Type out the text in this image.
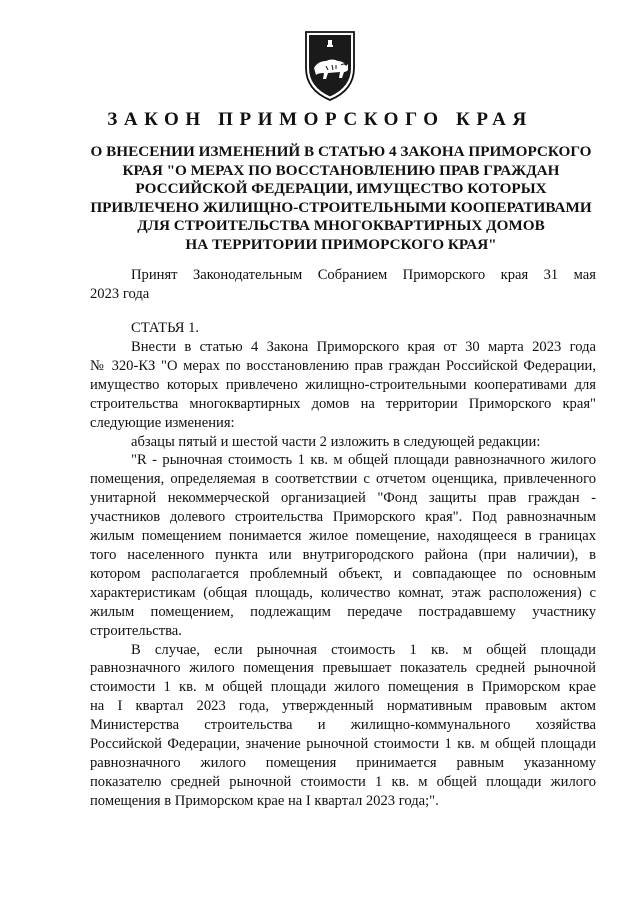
ЗАКОН ПРИМОРСКОГО КРАЯ
О ВНЕСЕНИИ ИЗМЕНЕНИЙ В СТАТЬЮ 4 ЗАКОНА ПРИМОРСКОГО
КРАЯ "О МЕРАХ ПО ВОССТАНОВЛЕНИЮ ПРАВ ГРАЖДАН
РОССИЙСКОЙ ФЕДЕРАЦИИ, ИМУЩЕСТВО КОТОРЫХ
ПРИВЛЕЧЕНО ЖИЛИЩНО-СТРОИТЕЛЬНЫМИ КООПЕРАТИВАМИ
ДЛЯ СТРОИТЕЛЬСТВА МНОГОКВАРТИРНЫХ ДОМОВ
НА ТЕРРИТОРИИ ПРИМОРСКОГО КРАЯ"
Принят Законодательным Собранием Приморского края 31 мая
2023 года
СТАТЬЯ 1.
Внести в статью 4 Закона Приморского края от 30 марта 2023 года
№ 320-КЗ "О мерах по восстановлению прав граждан Российской Федерации,
имущество которых привлечено жилищно-строительными кооперативами для
строительства многоквартирных домов на территории Приморского края"
следующие изменения:
абзацы пятый и шестой части 2 изложить в следующей редакции:
"R - рыночная стоимость 1 кв. м общей площади равнозначного жилого
помещения, определяемая в соответствии с отчетом оценщика, привлеченного
унитарной некоммерческой организацией "Фонд защиты прав граждан -
участников долевого строительства Приморского края". Под равнозначным
жилым помещением понимается жилое помещение, находящееся в границах
того населенного пункта или внутригородского района (при наличии), в
котором располагается проблемный объект, и совпадающее по основным
характеристикам (общая площадь, количество комнат, этаж расположения) с
жилым помещением, подлежащим передаче пострадавшему участнику
строительства.
В случае, если рыночная стоимость 1 кв. м общей площади
равнозначного жилого помещения превышает показатель средней рыночной
стоимости 1 кв. м общей площади жилого помещения в Приморском крае
на I квартал 2023 года, утвержденный нормативным правовым актом
Министерства строительства и жилищно-коммунального хозяйства
Российской Федерации, значение рыночной стоимости 1 кв. м общей площади
равнозначного жилого помещения принимается равным указанному
показателю средней рыночной стоимости 1 кв. м общей площади жилого
помещения в Приморском крае на I квартал 2023 года;".
